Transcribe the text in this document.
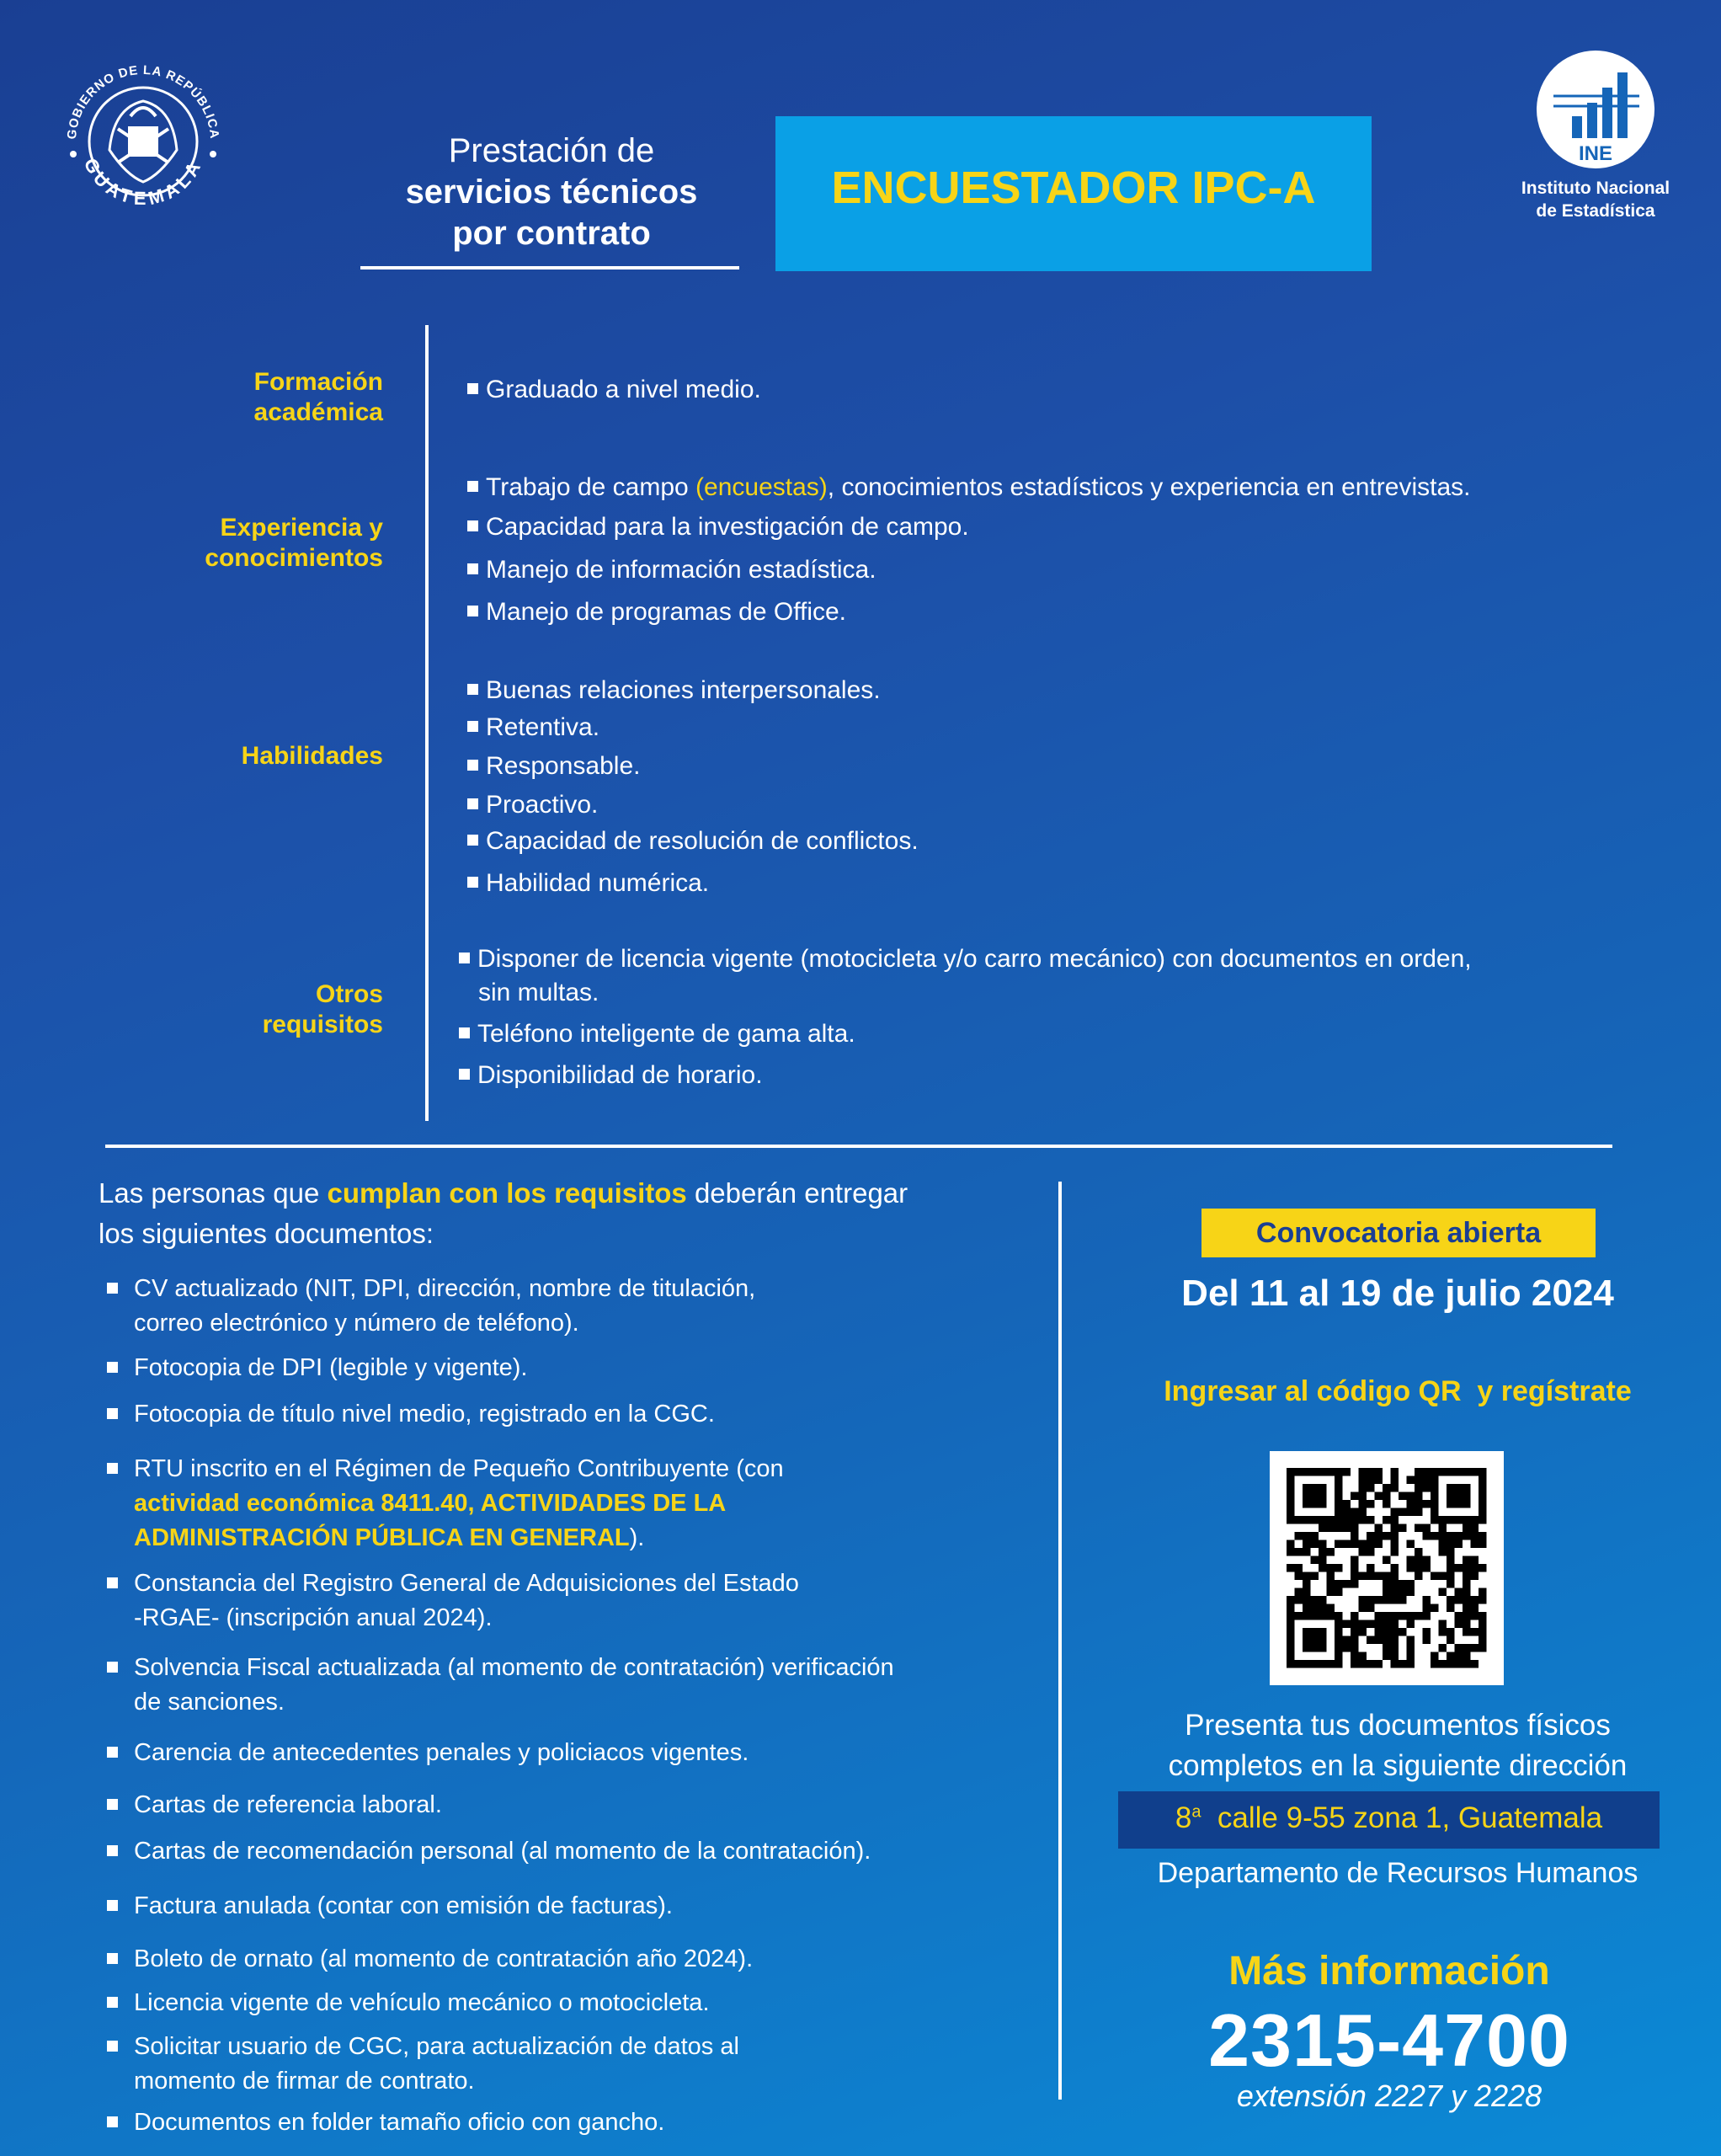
GOBIERNO DE LA REPÚBLICA
GUATEMALA	Prestación de
servicios técnicos
por contrato
ENCUESTADOR IPC-A
INE
Instituto Nacional
de Estadística
Formación
académica
Graduado a nivel medio.
Experiencia y
conocimientos
Trabajo de campo (encuestas), conocimientos estadísticos y experiencia en entrevistas.
Capacidad para la investigación de campo.
Manejo de información estadística.
Manejo de programas de Office.
Habilidades
Buenas relaciones interpersonales.
Retentiva.
Responsable.
Proactivo.
Capacidad de resolución de conflictos.
Habilidad numérica.
Otros
requisitos
Disponer de licencia vigente (motocicleta y/o carro mecánico) con documentos en orden,
sin multas.
Teléfono inteligente de gama alta.
Disponibilidad de horario.
Las personas que cumplan con los requisitos deberán entregar
los siguientes documentos:
CV actualizado (NIT, DPI, dirección, nombre de titulación,
correo electrónico y número de teléfono).
Fotocopia de DPI (legible y vigente).
Fotocopia de título nivel medio, registrado en la CGC.
RTU inscrito en el Régimen de Pequeño Contribuyente (con
actividad económica 8411.40, ACTIVIDADES DE LA
ADMINISTRACIÓN PÚBLICA EN GENERAL).
Constancia del Registro General de Adquisiciones del Estado
-RGAE- (inscripción anual 2024).
Solvencia Fiscal actualizada (al momento de contratación) verificación
de sanciones.
Carencia de antecedentes penales y policiacos vigentes.
Cartas de referencia laboral.
Cartas de recomendación personal (al momento de la contratación).
Factura anulada (contar con emisión de facturas).
Boleto de ornato (al momento de contratación año 2024).
Licencia vigente de vehículo mecánico o motocicleta.
Solicitar usuario de CGC, para actualización de datos al
momento de firmar de contrato.
Documentos en folder tamaño oficio con gancho.
Convocatoria abierta
Del 11 al 19 de julio 2024
Ingresar al código QR  y regístrate
Presenta tus documentos físicos
completos en la siguiente dirección
8$^a$  calle 9-55 zona 1, Guatemala
Departamento de Recursos Humanos
Más información
2315-4700
extensión 2227 y 2228
